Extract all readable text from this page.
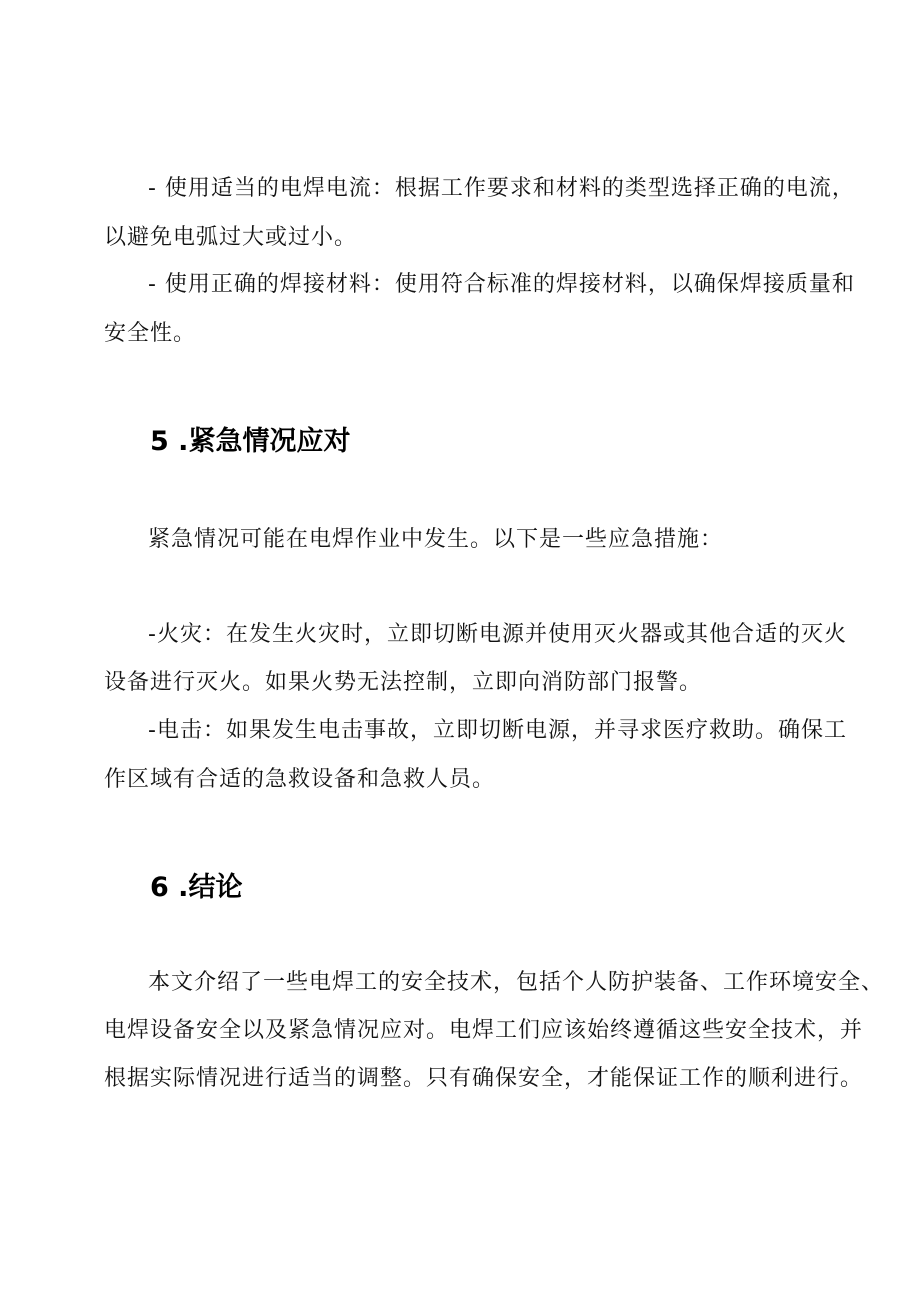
- 使用适当的电焊电流：根据工作要求和材料的类型选择正确的电流，
以避免电弧过大或过小。
- 使用正确的焊接材料：使用符合标准的焊接材料，以确保焊接质量和
安全性。
5 .紧急情况应对
紧急情况可能在电焊作业中发生。以下是一些应急措施：
-火灾：在发生火灾时，立即切断电源并使用灭火器或其他合适的灭火
设备进行灭火。如果火势无法控制，立即向消防部门报警。
-电击：如果发生电击事故，立即切断电源，并寻求医疗救助。确保工
作区域有合适的急救设备和急救人员。
6 .结论
本文介绍了一些电焊工的安全技术，包括个人防护装备、工作环境安全、
电焊设备安全以及紧急情况应对。电焊工们应该始终遵循这些安全技术，并
根据实际情况进行适当的调整。只有确保安全，才能保证工作的顺利进行。
